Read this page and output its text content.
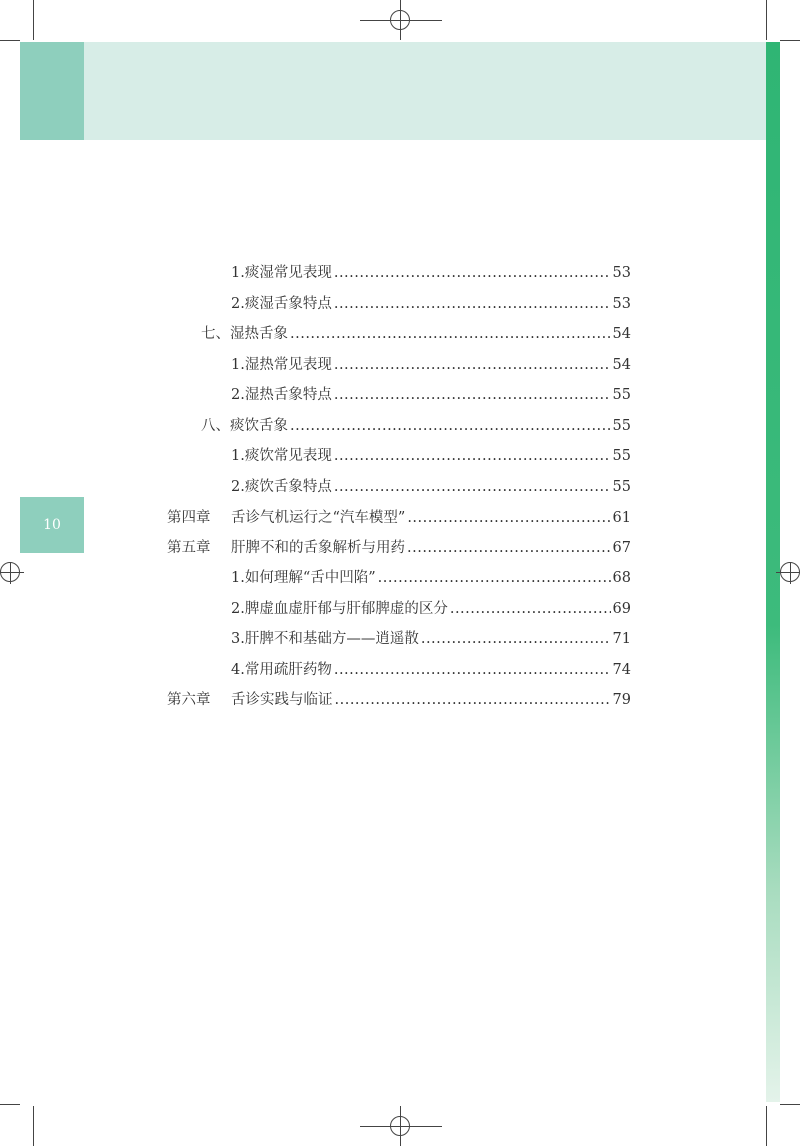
10
1.痰湿常见表现 .....	53
2.痰湿舌象特点 .....	53
七、湿热舌象 .....	54
1.湿热常见表现 .....	54
2.湿热舌象特点 .....	55
八、痰饮舌象 .....	55
1.痰饮常见表现 .....	55
2.痰饮舌象特点 .....	55
第四章	舌诊气机运行之“汽车模型” .....	61
第五章	肝脾不和的舌象解析与用药 .....	67
1.如何理解“舌中凹陷” .....	68
2.脾虚血虚肝郁与肝郁脾虚的区分 .....	69
3.肝脾不和基础方——逍遥散 .....	71
4.常用疏肝药物 .....	74
第六章	舌诊实践与临证 .....	79
